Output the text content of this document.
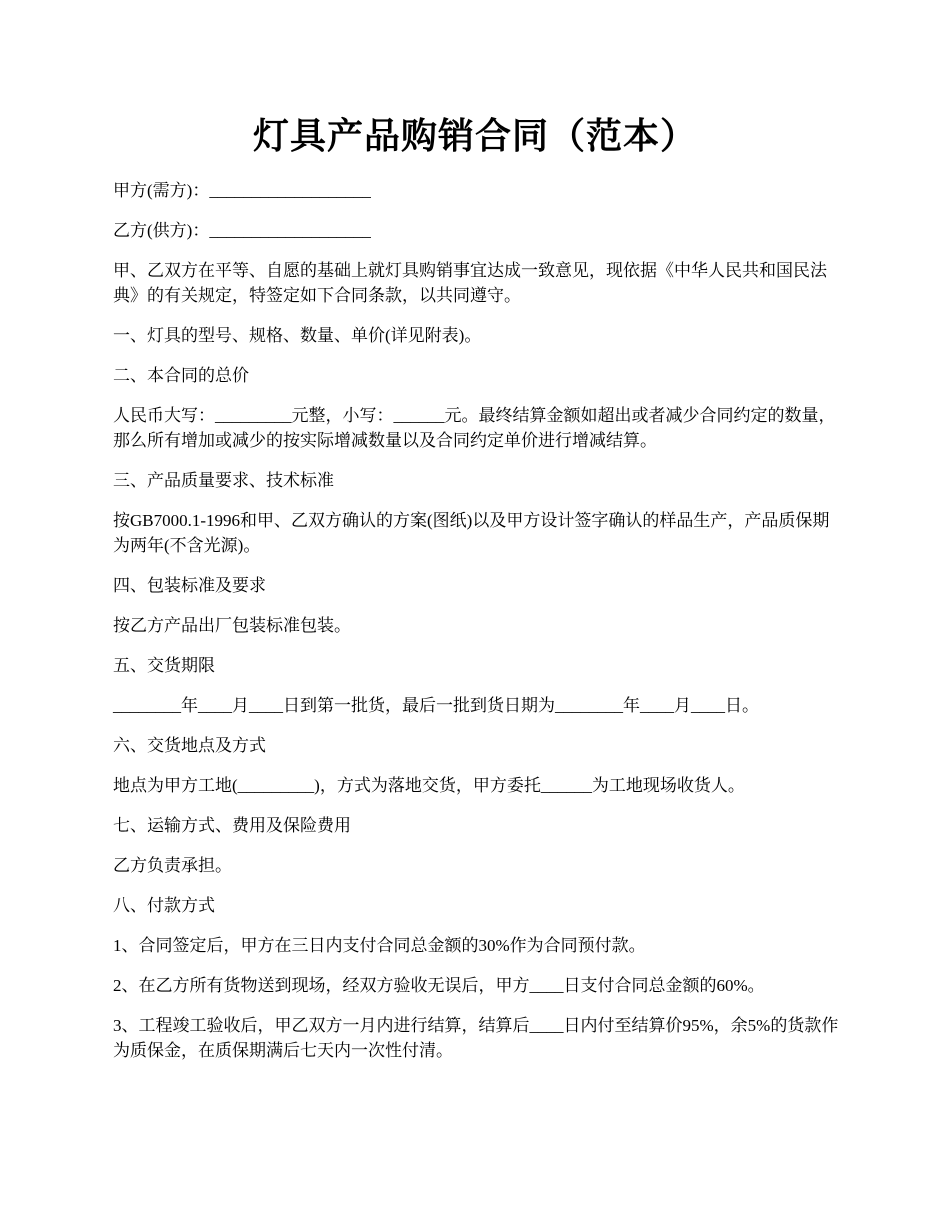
灯具产品购销合同（范本）

甲方(需方)：___________________

乙方(供方)：___________________

甲、乙双方在平等、自愿的基础上就灯具购销事宜达成一致意见，现依据《中华人民共和国民法典》的有关规定，特签定如下合同条款，以共同遵守。

一、灯具的型号、规格、数量、单价(详见附表)。

二、本合同的总价

人民币大写：_________元整，小写：______元。最终结算金额如超出或者减少合同约定的数量，那么所有增加或减少的按实际增减数量以及合同约定单价进行增减结算。

三、产品质量要求、技术标准

按GB7000.1-1996和甲、乙双方确认的方案(图纸)以及甲方设计签字确认的样品生产，产品质保期为两年(不含光源)。

四、包装标准及要求

按乙方产品出厂包装标准包装。

五、交货期限

________年____月____日到第一批货，最后一批到货日期为________年____月____日。

六、交货地点及方式

地点为甲方工地(_________)，方式为落地交货，甲方委托______为工地现场收货人。

七、运输方式、费用及保险费用

乙方负责承担。

八、付款方式

1、合同签定后，甲方在三日内支付合同总金额的30%作为合同预付款。

2、在乙方所有货物送到现场，经双方验收无误后，甲方____日支付合同总金额的60%。

3、工程竣工验收后，甲乙双方一月内进行结算，结算后____日内付至结算价95%，余5%的货款作为质保金，在质保期满后七天内一次性付清。
